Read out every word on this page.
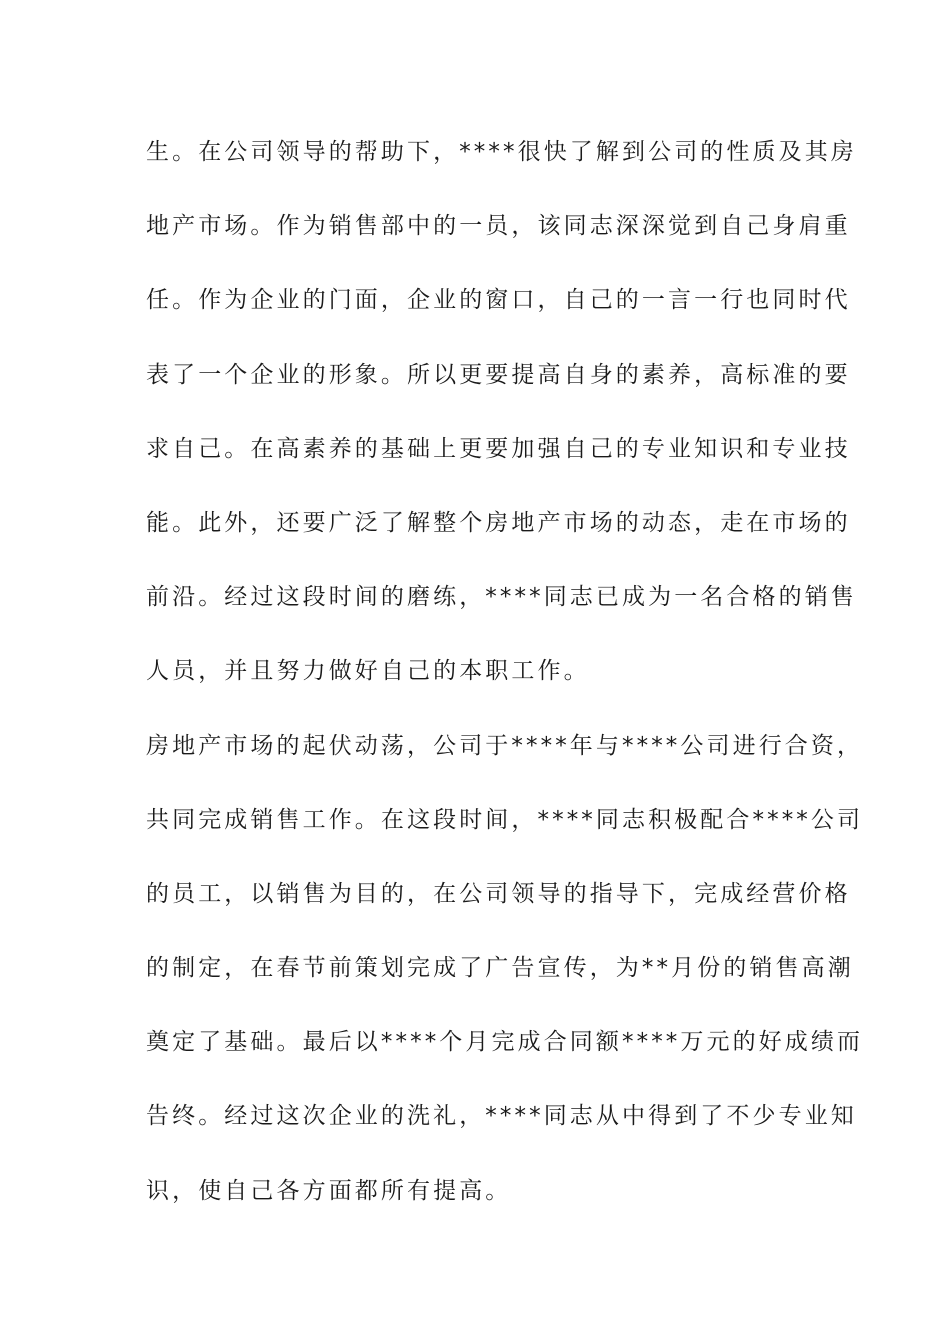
生。在公司领导的帮助下，****很快了解到公司的性质及其房
地产市场。作为销售部中的一员，该同志深深觉到自己身肩重
任。作为企业的门面，企业的窗口，自己的一言一行也同时代
表了一个企业的形象。所以更要提高自身的素养，高标准的要
求自己。在高素养的基础上更要加强自己的专业知识和专业技
能。此外，还要广泛了解整个房地产市场的动态，走在市场的
前沿。经过这段时间的磨练，****同志已成为一名合格的销售
人员，并且努力做好自己的本职工作。
房地产市场的起伏动荡，公司于****年与****公司进行合资，
共同完成销售工作。在这段时间，****同志积极配合****公司
的员工，以销售为目的，在公司领导的指导下，完成经营价格
的制定，在春节前策划完成了广告宣传，为**月份的销售高潮
奠定了基础。最后以****个月完成合同额****万元的好成绩而
告终。经过这次企业的洗礼，****同志从中得到了不少专业知
识，使自己各方面都所有提高。
